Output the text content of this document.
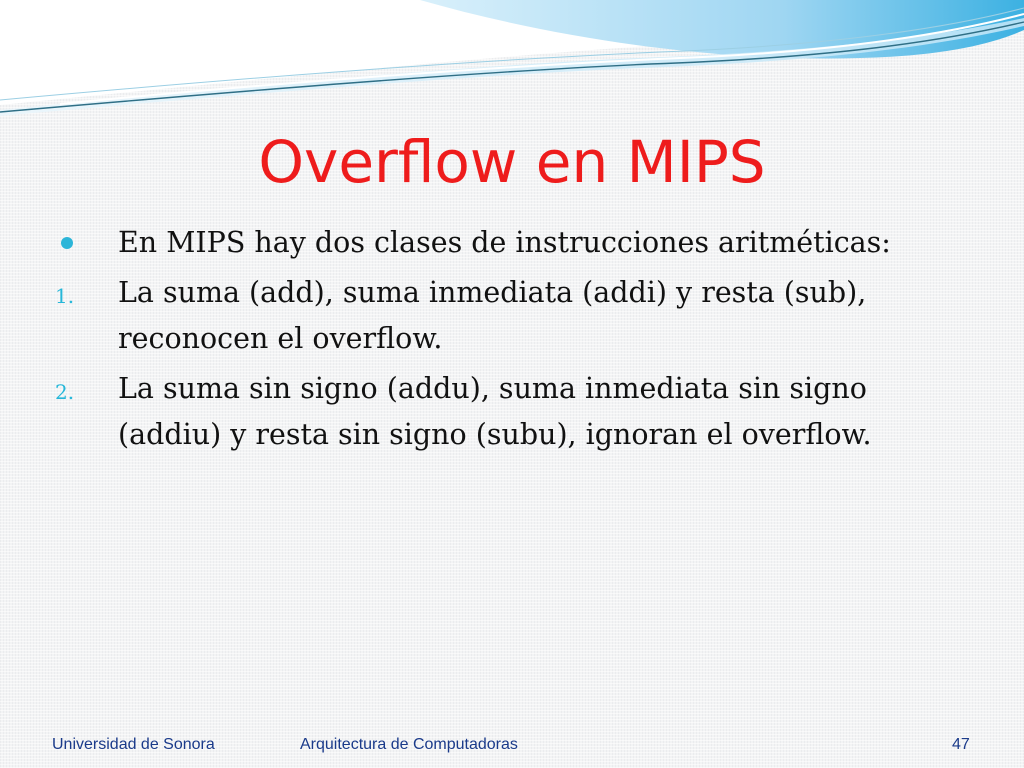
Overflow en MIPS
En MIPS hay dos clases de instrucciones aritméticas:
1. La suma (add), suma inmediata (addi) y resta (sub), reconocen el overflow.
2. La suma sin signo (addu), suma inmediata sin signo (addiu) y resta sin signo (subu), ignoran el overflow.
Universidad de Sonora	Arquitectura de Computadoras	47
